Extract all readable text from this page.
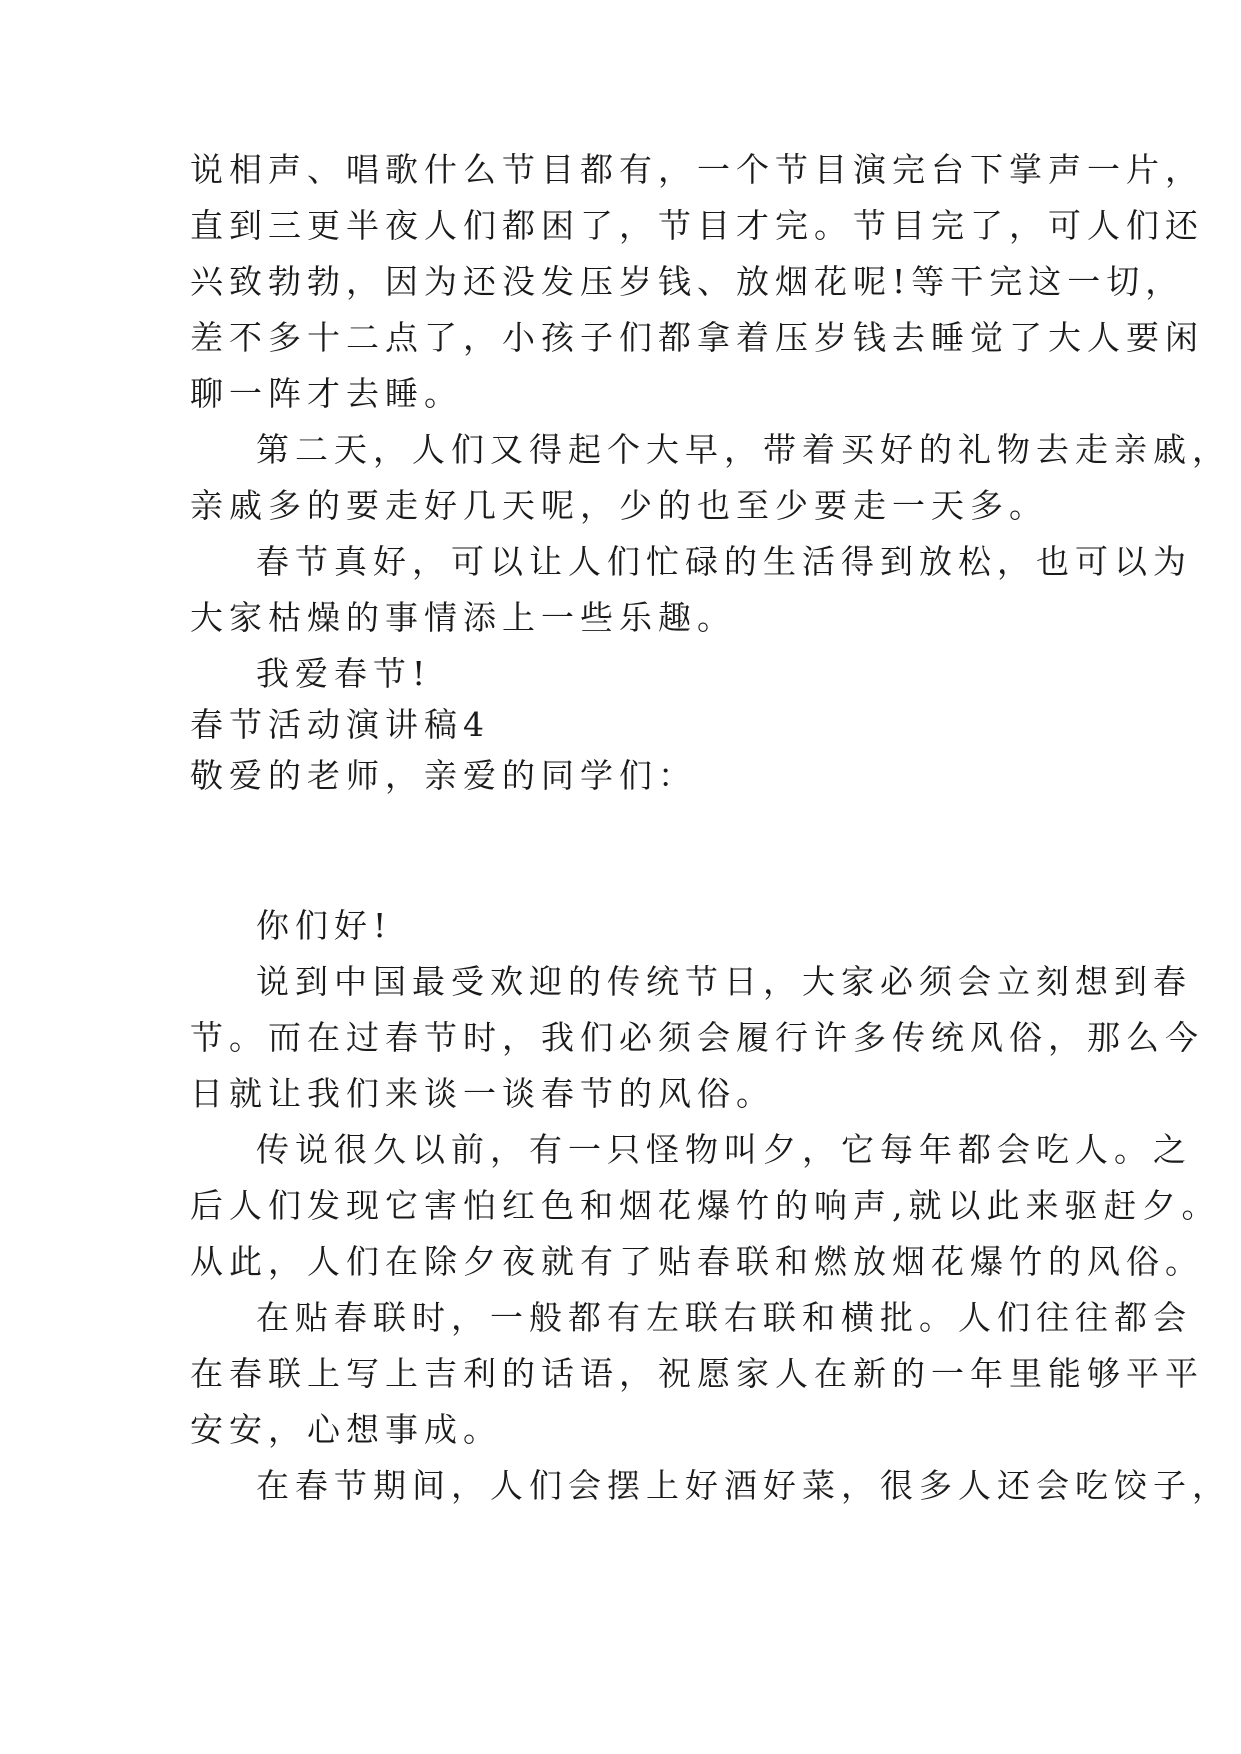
说相声、唱歌什么节目都有，一个节目演完台下掌声一片，
直到三更半夜人们都困了，节目才完。节目完了，可人们还
兴致勃勃，因为还没发压岁钱、放烟花呢!等干完这一切，
差不多十二点了，小孩子们都拿着压岁钱去睡觉了大人要闲
聊一阵才去睡。
第二天，人们又得起个大早，带着买好的礼物去走亲戚，
亲戚多的要走好几天呢，少的也至少要走一天多。
春节真好，可以让人们忙碌的生活得到放松，也可以为
大家枯燥的事情添上一些乐趣。
我爱春节!
春节活动演讲稿4
敬爱的老师，亲爱的同学们：
你们好!
说到中国最受欢迎的传统节日，大家必须会立刻想到春
节。而在过春节时，我们必须会履行许多传统风俗，那么今
日就让我们来谈一谈春节的风俗。
传说很久以前，有一只怪物叫夕，它每年都会吃人。之
后人们发现它害怕红色和烟花爆竹的响声,就以此来驱赶夕。
从此，人们在除夕夜就有了贴春联和燃放烟花爆竹的风俗。
在贴春联时，一般都有左联右联和横批。人们往往都会
在春联上写上吉利的话语，祝愿家人在新的一年里能够平平
安安，心想事成。
在春节期间，人们会摆上好酒好菜，很多人还会吃饺子，
